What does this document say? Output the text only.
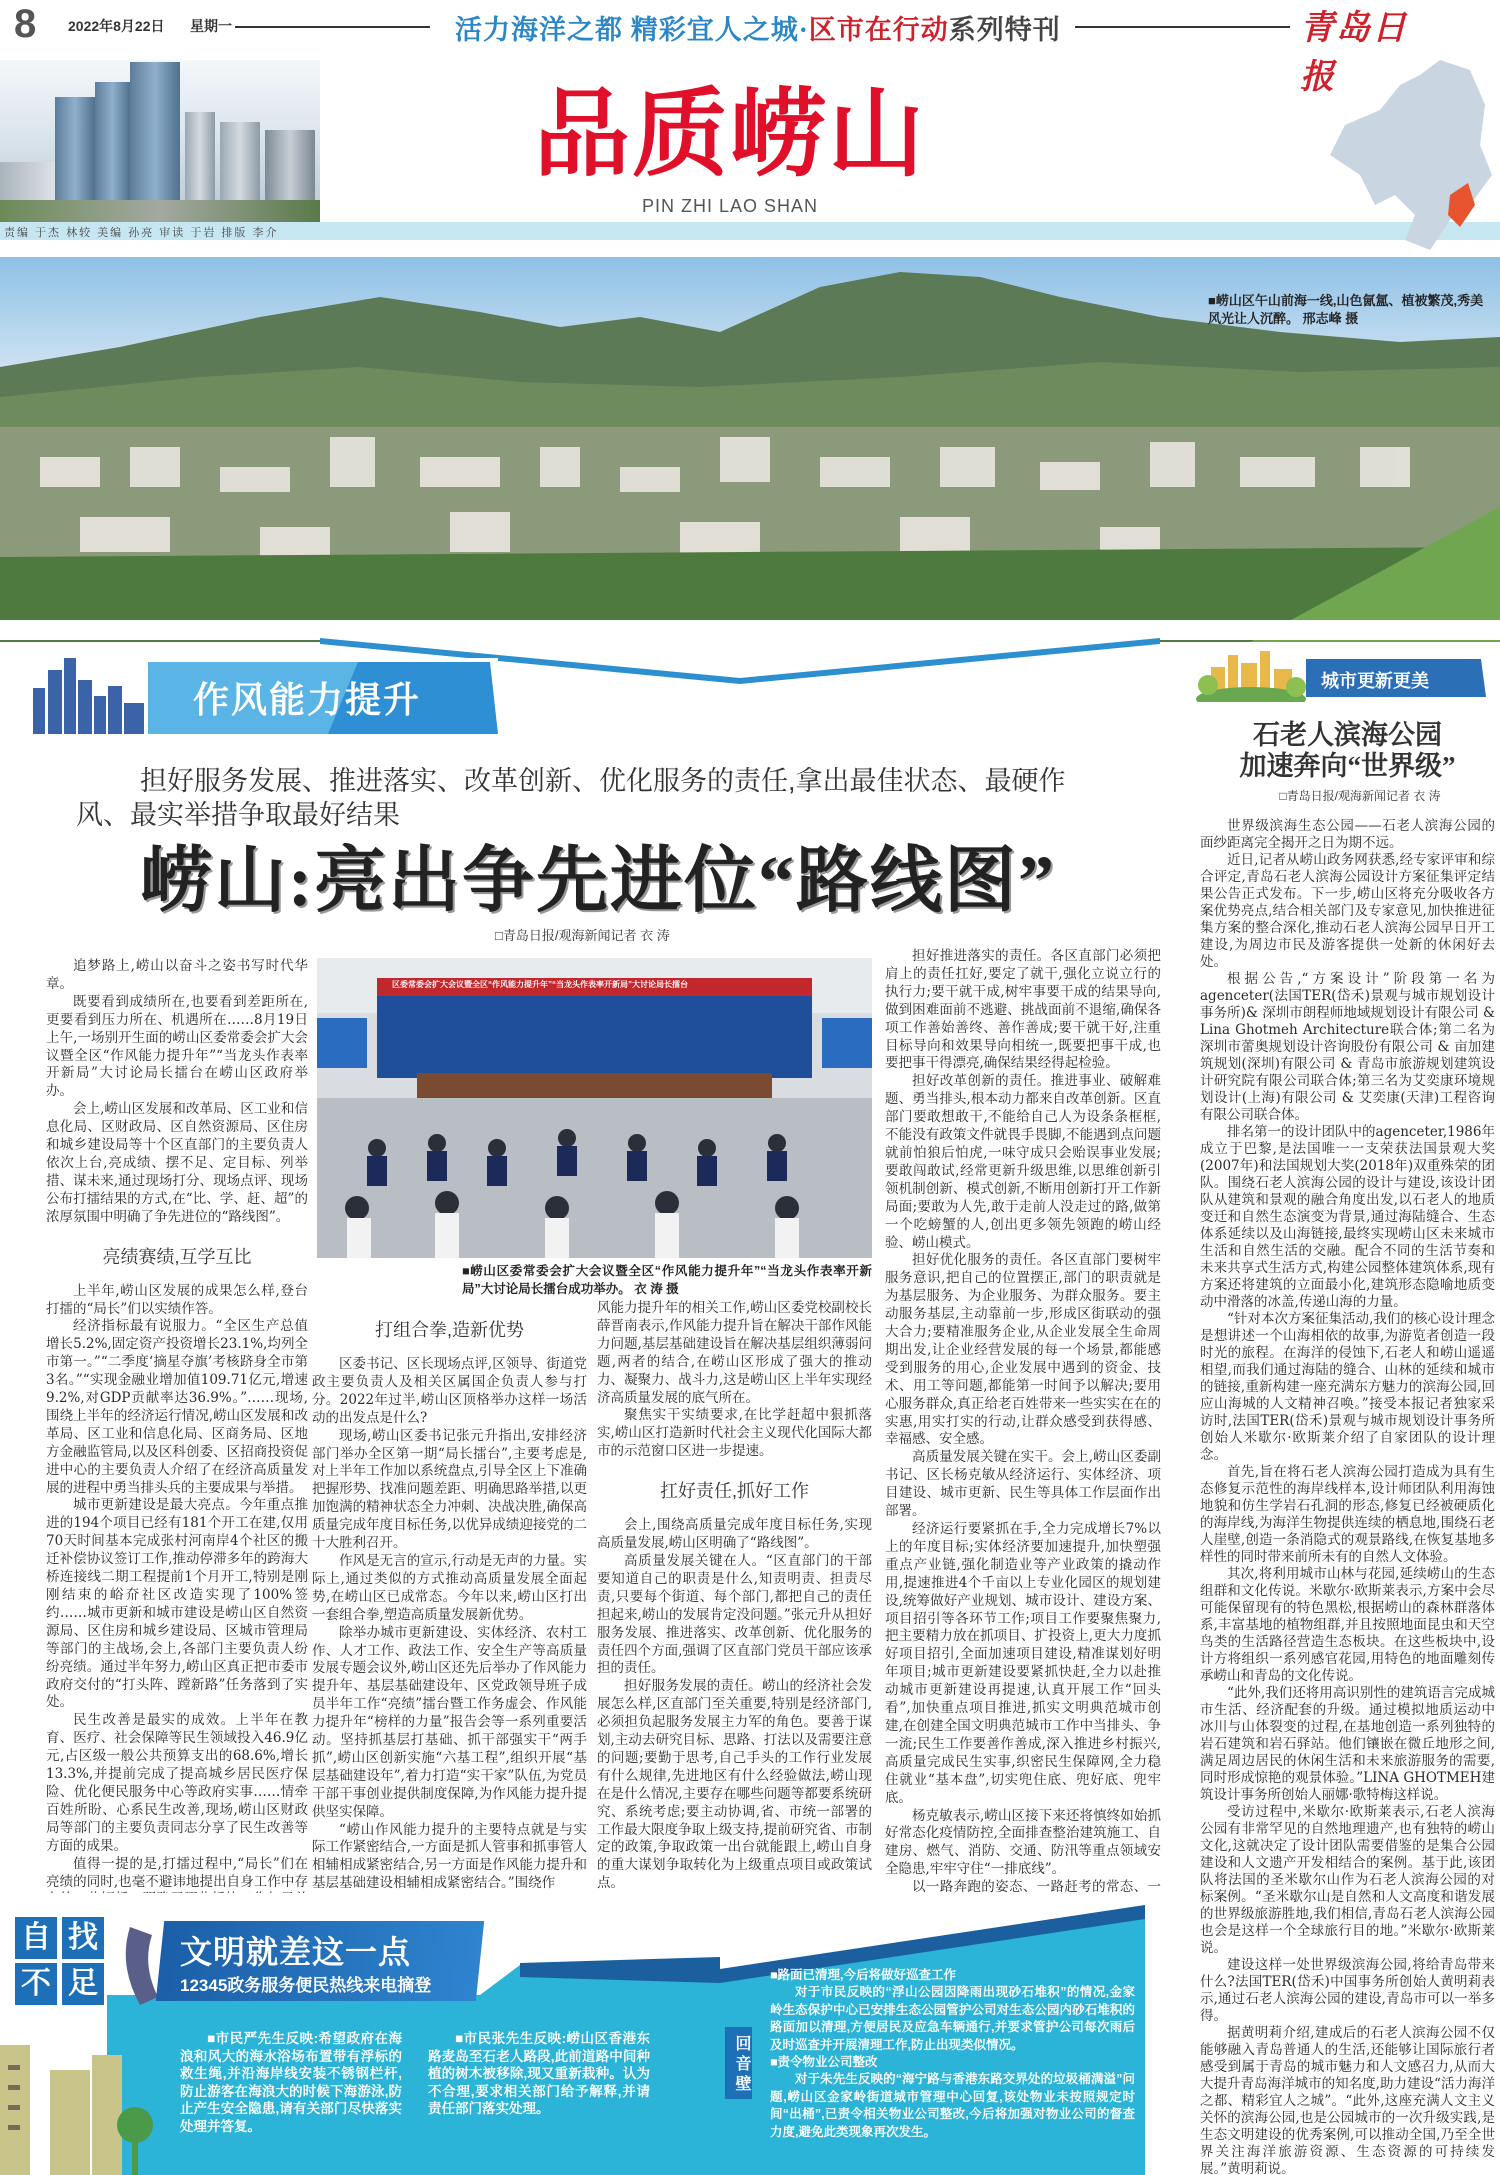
8 2022年8月22日 星期一	活力海洋之都 精彩宜人之城·区市在行动系列特刊	青岛日报
责编 于杰 林较 美编 孙亮 审读 于岩 排版 李介
品质崂山
PIN ZHI LAO SHAN
■崂山区午山前海一线,山色氤氲、植被繁茂,秀美风光让人沉醉。 邢志峰 摄
作风能力提升	城市更新更美
担好服务发展、推进落实、改革创新、优化服务的责任,拿出最佳状态、最硬作风、最实举措争取最好结果
崂山:亮出争先进位“路线图”
□青岛日报/观海新闻记者 衣 涛
石老人滨海公园
加速奔向“世界级”
□青岛日报/观海新闻记者 衣 涛
区委常委会扩大会议暨全区“作风能力提升年”“当龙头作表率开新局”大讨论局长擂台
■崂山区委常委会扩大会议暨全区“作风能力提升年”“当龙头作表率开新局”大讨论局长擂台成功举办。 衣 涛 摄

追梦路上,崂山以奋斗之姿书写时代华章。

既要看到成绩所在,也要看到差距所在,更要看到压力所在、机遇所在……8月19日上午,一场别开生面的崂山区委常委会扩大会议暨全区“作风能力提升年”“当龙头作表率开新局”大讨论局长擂台在崂山区政府举办。

会上,崂山区发展和改革局、区工业和信息化局、区财政局、区自然资源局、区住房和城乡建设局等十个区直部门的主要负责人依次上台,亮成绩、摆不足、定目标、列举措、谋未来,通过现场打分、现场点评、现场公布打擂结果的方式,在“比、学、赶、超”的浓厚氛围中明确了争先进位的“路线图”。

亮绩赛绩,互学互比

上半年,崂山区发展的成果怎么样,登台打擂的“局长”们以实绩作答。

经济指标最有说服力。“全区生产总值增长5.2%,固定资产投资增长23.1%,均列全市第一。”“二季度‘摘星夺旗’考核跻身全市第3名。”“实现金融业增加值109.71亿元,增速9.2%,对GDP贡献率达36.9%。”……现场,围绕上半年的经济运行情况,崂山区发展和改革局、区工业和信息化局、区商务局、区地方金融监管局,以及区科创委、区招商投资促进中心的主要负责人介绍了在经济高质量发展的进程中勇当排头兵的主要成果与举措。

城市更新建设是最大亮点。今年重点推进的194个项目已经有181个开工在建,仅用70天时间基本完成张村河南岸4个社区的搬迁补偿协议签订工作,推动停滞多年的跨海大桥连接线二期工程提前1个月开工,特别是刚刚结束的峪夼社区改造实现了100%签约……城市更新和城市建设是崂山区自然资源局、区住房和城乡建设局、区城市管理局等部门的主战场,会上,各部门主要负责人纷纷亮绩。通过半年努力,崂山区真正把市委市政府交付的“打头阵、蹚新路”任务落到了实处。

民生改善是最实的成效。上半年在教育、医疗、社会保障等民生领域投入46.9亿元,占区级一般公共预算支出的68.6%,增长13.3%,并提前完成了提高城乡居民医疗保险、优化便民服务中心等政府实事……情牵百姓所盼、心系民生改善,现场,崂山区财政局等部门的主要负责同志分享了民生改善等方面的成果。

值得一提的是,打擂过程中,“局长”们在亮绩的同时,也毫不避讳地提出自身工作中存

打组合拳,造新优势

区委书记、区长现场点评,区领导、街道党政主要负责人及相关区属国企负责人参与打分。2022年过半,崂山区顶格举办这样一场活动的出发点是什么?

现场,崂山区委书记张元升指出,安排经济部门举办全区第一期“局长擂台”,主要考虑是,对上半年工作加以系统盘点,引导全区上下准确把握形势、找准问题差距、明确思路举措,以更加饱满的精神状态全力冲刺、决战决胜,确保高质量完成年度目标任务,以优异成绩迎接党的二十大胜利召开。

作风是无言的宣示,行动是无声的力量。实际上,通过类似的方式推动高质量发展全面起势,在崂山区已成常态。今年以来,崂山区打出一套组合拳,塑造高质量发展新优势。

除举办城市更新建设、实体经济、农村工作、人才工作、政法工作、安全生产等高质量发展专题会议外,崂山区还先后举办了作风能力提升年、基层基础建设年、区党政领导班子成员半年工作“亮绩”擂台暨工作务虚会、作风能力提升年“榜样的力量”报告会等一系列重要活动。坚持抓基层打基础、抓干部强实干“两手抓”,崂山区创新实施“六基工程”,组织开展“基层基础建设年”,着力打造“实干家”队伍,为党员干部干事创业提供制度保障,为作风能力提升提供坚实保障。

“崂山作风能力提升的主要特点就是与实际工作紧密结合,一方面是抓人管事和抓事管人相辅相成紧密结合,另一方面是作风能力提升和基层基础建设相辅相成紧密结合。”围绕作

风能力提升年的相关工作,崂山区委党校副校长薛晋南表示,作风能力提升旨在解决干部作风能力问题,基层基础建设旨在解决基层组织薄弱问题,两者的结合,在崂山区形成了强大的推动力、凝聚力、战斗力,这是崂山区上半年实现经济高质量发展的底气所在。

聚焦实干实绩要求,在比学赶超中狠抓落实,崂山区打造新时代社会主义现代化国际大都市的示范窗口区进一步提速。

扛好责任,抓好工作

会上,围绕高质量完成年度目标任务,实现高质量发展,崂山区明确了“路线图”。

高质量发展关键在人。“区直部门的干部要知道自己的职责是什么,知责明责、担责尽责,只要每个街道、每个部门,都把自己的责任担起来,崂山的发展肯定没问题。”张元升从担好服务发展、推进落实、改革创新、优化服务的责任四个方面,强调了区直部门党员干部应该承担的责任。

担好服务发展的责任。崂山的经济社会发展怎么样,区直部门至关重要,特别是经济部门,必须担负起服务发展主力军的角色。要善于谋划,主动去研究目标、思路、打法以及需要注意的问题;要勤于思考,自己手头的工作行业发展有什么规律,先进地区有什么经验做法,崂山现在是什么情况,主要存在哪些问题等都要系统研究、系统考虑;要主动协调,省、市统一部署的工作最大限度争取上级支持,提前研究省、市制定的政策,争取政策一出台就能跟上,崂山自身的重大谋划争取转化为上级重点项目或政策试点。

担好推进落实的责任。各区直部门必须把肩上的责任扛好,要定了就干,强化立说立行的执行力;要干就干成,树牢事要干成的结果导向,做到困难面前不逃避、挑战面前不退缩,确保各项工作善始善终、善作善成;要干就干好,注重目标导向和效果导向相统一,既要把事干成,也要把事干得漂亮,确保结果经得起检验。

担好改革创新的责任。推进事业、破解难题、勇当排头,根本动力都来自改革创新。区直部门要敢想敢干,不能给自己人为设条条框框,不能没有政策文件就畏手畏脚,不能遇到点问题就前怕狼后怕虎,一味守成只会贻误事业发展;要敢闯敢试,经常更新升级思维,以思维创新引领机制创新、模式创新,不断用创新打开工作新局面;要敢为人先,敢于走前人没走过的路,做第一个吃螃蟹的人,创出更多领先领跑的崂山经验、崂山模式。

担好优化服务的责任。各区直部门要树牢服务意识,把自己的位置摆正,部门的职责就是为基层服务、为企业服务、为群众服务。要主动服务基层,主动靠前一步,形成区街联动的强大合力;要精准服务企业,从企业发展全生命周期出发,让企业经营发展的每一个场景,都能感受到服务的用心,企业发展中遇到的资金、技术、用工等问题,都能第一时间予以解决;要用心服务群众,真正给老百姓带来一些实实在在的实惠,用实打实的行动,让群众感受到获得感、幸福感、安全感。

高质量发展关键在实干。会上,崂山区委副书记、区长杨克敏从经济运行、实体经济、项目建设、城市更新、民生等具体工作层面作出部署。

经济运行要紧抓在手,全力完成增长7%以上的年度目标;实体经济要加速提升,加快塑强重点产业链,强化制造业等产业政策的撬动作用,提速推进4个千亩以上专业化园区的规划建设,统筹做好产业规划、城市设计、建设方案、项目招引等各环节工作;项目工作要聚焦聚力,把主要精力放在抓项目、扩投资上,更大力度抓好项目招引,全面加速项目建设,精准谋划好明年项目;城市更新建设要紧抓快赶,全力以赴推动城市更新建设再提速,认真开展工作“回头看”,加快重点项目推进,抓实文明典范城市创建,在创建全国文明典范城市工作中当排头、争一流;民生工作要善作善成,深入推进乡村振兴,高质量完成民生实事,织密民生保障网,全力稳住就业“基本盘”,切实兜住底、兜好底、兜牢底。

杨克敏表示,崂山区接下来还将慎终如始抓好常态化疫情防控,全面排查整治建筑施工、自建房、燃气、消防、交通、防汛等重点领域安全隐患,牢牢守住“一排底线”。

以一路奔跑的姿态、一路赶考的常态、一

世界级滨海生态公园——石老人滨海公园的面纱距离完全揭开之日为期不远。

近日,记者从崂山政务网获悉,经专家评审和综合评定,青岛石老人滨海公园设计方案征集评定结果公告正式发布。下一步,崂山区将充分吸收各方案优势亮点,结合相关部门及专家意见,加快推进征集方案的整合深化,推动石老人滨海公园早日开工建设,为周边市民及游客提供一处新的休闲好去处。

根据公告,“方案设计”阶段第一名为agenceter(法国TER(岱禾)景观与城市规划设计事务所)& 深圳市朗程师地域规划设计有限公司 & Lina Ghotmeh Architecture联合体;第二名为深圳市蕾奥规划设计咨询股份有限公司 & 亩加建筑规划(深圳)有限公司 & 青岛市旅游规划建筑设计研究院有限公司联合体;第三名为艾奕康环境规划设计(上海)有限公司 & 艾奕康(天津)工程咨询有限公司联合体。

排名第一的设计团队中的agenceter,1986年成立于巴黎,是法国唯一一支荣获法国景观大奖(2007年)和法国规划大奖(2018年)双重殊荣的团队。围绕石老人滨海公园的设计与建设,该设计团队从建筑和景观的融合角度出发,以石老人的地质变迁和自然生态演变为背景,通过海陆缝合、生态体系延续以及山海链接,最终实现崂山区未来城市生活和自然生活的交融。配合不同的生活节奏和未来共享式生活方式,构建公园整体建筑体系,现有方案还将建筑的立面最小化,建筑形态隐喻地质变动中滑落的冰盖,传递山海的力量。

“针对本次方案征集活动,我们的核心设计理念是想讲述一个山海相依的故事,为游览者创造一段时光的旅程。在海洋的侵蚀下,石老人和崂山遥遥相望,而我们通过海陆的缝合、山林的延续和城市的链接,重新构建一座充满东方魅力的滨海公园,回应山海城的人文精神召唤。”接受本报记者独家采访时,法国TER(岱禾)景观与城市规划设计事务所创始人米歇尔·欧斯莱介绍了自家团队的设计理念。

首先,旨在将石老人滨海公园打造成为具有生态修复示范性的海岸线样本,设计师团队利用海蚀地貌和仿生学岩石孔洞的形态,修复已经被硬质化的海岸线,为海洋生物提供连续的栖息地,围绕石老人崖壁,创造一条消隐式的观景路线,在恢复基地多样性的同时带来前所未有的自然人文体验。

其次,将利用城市山林与花园,延续崂山的生态组群和文化传说。米歇尔·欧斯莱表示,方案中会尽可能保留现有的特色黑松,根据崂山的森林群落体系,丰富基地的植物组群,并且按照地面昆虫和天空鸟类的生活路径营造生态板块。在这些板块中,设计方将组织一系列感官花园,用特色的地面雕刻传承崂山和青岛的文化传说。

“此外,我们还将用高识别性的建筑语言完成城市生活、经济配套的升级。通过模拟地质运动中冰川与山体裂变的过程,在基地创造一系列独特的岩石建筑和岩石驿站。他们镶嵌在微丘地形之间,满足周边居民的休闲生活和未来旅游服务的需要,同时形成惊艳的观景体验。”LINA GHOTMEH建筑设计事务所创始人丽娜·歌特梅这样说。

受访过程中,米歇尔·欧斯莱表示,石老人滨海公园有非常罕见的自然地理遗产,也有独特的崂山文化,这就决定了设计团队需要借鉴的是集合公园建设和人文遗产开发相结合的案例。基于此,该团队将法国的圣米歇尔山作为石老人滨海公园的对标案例。“圣米歇尔山是自然和人文高度和谐发展的世界级旅游胜地,我们相信,青岛石老人滨海公园也会是这样一个全球旅行目的地。”米歇尔·欧斯莱说。

建设这样一处世界级滨海公园,将给青岛带来什么?法国TER(岱禾)中国事务所创始人黄明莉表示,通过石老人滨海公园的建设,青岛市可以一举多得。

据黄明莉介绍,建成后的石老人滨海公园不仅能够融入青岛普通人的生活,还能够让国际旅行者感受到属于青岛的城市魅力和人文感召力,从而大大提升青岛海洋城市的知名度,助力建设“活力海洋之都、精彩宜人之城”。“此外,这座充满人文主义关怀的滨海公园,也是公园城市的一次升级实践,是生态文明建设的优秀案例,可以推动全国,乃至全世界关注海洋旅游资源、生态资源的可持续发展。”黄明莉说。

自 找
不 足
文明就差这一点
12345政务服务便民热线来电摘登

■市民严先生反映:希望政府在海浪和风大的海水浴场布置带有浮标的救生绳,并沿海岸线安装不锈钢栏杆,防止游客在海浪大的时候下海游泳,防止产生安全隐患,请有关部门尽快落实处理并答复。

■市民张先生反映:崂山区香港东路麦岛至石老人路段,此前道路中间种植的树木被移除,现又重新栽种。认为不合理,要求相关部门给予解释,并请责任部门落实处理。

回音壁
■路面已清理,今后将做好巡查工作

对于市民反映的“浮山公园因降雨出现砂石堆积”的情况,金家岭生态保护中心已安排生态公园管护公司对生态公园内砂石堆积的路面加以清理,方便居民及应急车辆通行,并要求管护公司每次雨后及时巡查并开展清理工作,防止出现类似情况。

■责令物业公司整改

对于朱先生反映的“海宁路与香港东路交界处的垃圾桶满溢”问题,崂山区金家岭街道城市管理中心回复,该处物业未按照规定时间“出桶”,已责令相关物业公司整改,今后将加强对物业公司的督查力度,避免此类现象再次发生。
